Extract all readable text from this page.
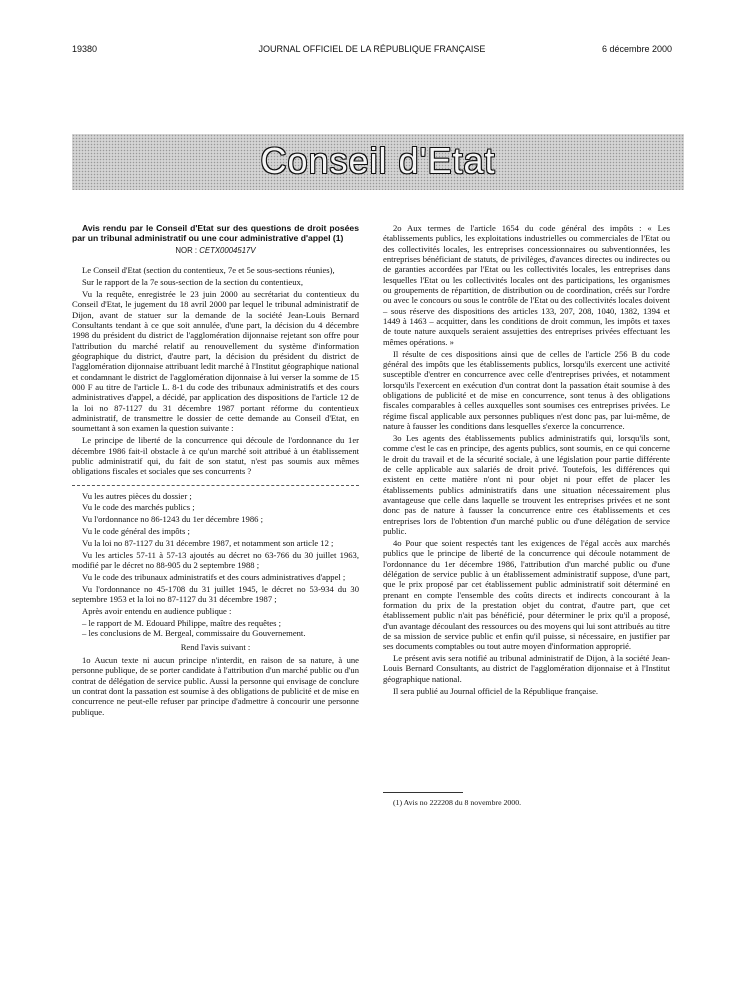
19380	JOURNAL OFFICIEL DE LA RÉPUBLIQUE FRANÇAISE	6 décembre 2000
Conseil d'Etat

Avis rendu par le Conseil d'Etat sur des questions de droit posées par un tribunal administratif ou une cour administrative d'appel (1)

NOR : CETX0004517V

Le Conseil d'Etat (section du contentieux, 7e et 5e sous-sections réunies),

Sur le rapport de la 7e sous-section de la section du contentieux,

Vu la requête, enregistrée le 23 juin 2000 au secrétariat du contentieux du Conseil d'Etat, le jugement du 18 avril 2000 par lequel le tribunal administratif de Dijon, avant de statuer sur la demande de la société Jean-Louis Bernard Consultants tendant à ce que soit annulée, d'une part, la décision du 4 décembre 1998 du président du district de l'agglomération dijonnaise rejetant son offre pour l'attribution du marché relatif au renouvellement du système d'information géographique du district, d'autre part, la décision du président du district de l'agglomération dijonnaise attribuant ledit marché à l'Institut géographique national et condamnant le district de l'agglomération dijonnaise à lui verser la somme de 15 000 F au titre de l'article L. 8-1 du code des tribunaux administratifs et des cours administratives d'appel, a décidé, par application des dispositions de l'article 12 de la loi no 87-1127 du 31 décembre 1987 portant réforme du contentieux administratif, de transmettre le dossier de cette demande au Conseil d'Etat, en soumettant à son examen la question suivante :

Le principe de liberté de la concurrence qui découle de l'ordonnance du 1er décembre 1986 fait-il obstacle à ce qu'un marché soit attribué à un établissement public administratif qui, du fait de son statut, n'est pas soumis aux mêmes obligations fiscales et sociales que ses concurrents ?

Vu les autres pièces du dossier ;

Vu le code des marchés publics ;

Vu l'ordonnance no 86-1243 du 1er décembre 1986 ;

Vu le code général des impôts ;

Vu la loi no 87-1127 du 31 décembre 1987, et notamment son article 12 ;

Vu les articles 57-11 à 57-13 ajoutés au décret no 63-766 du 30 juillet 1963, modifié par le décret no 88-905 du 2 septembre 1988 ;

Vu le code des tribunaux administratifs et des cours administratives d'appel ;

Vu l'ordonnance no 45-1708 du 31 juillet 1945, le décret no 53-934 du 30 septembre 1953 et la loi no 87-1127 du 31 décembre 1987 ;

Après avoir entendu en audience publique :

– le rapport de M. Edouard Philippe, maître des requêtes ;
– les conclusions de M. Bergeal, commissaire du Gouvernement.

Rend l'avis suivant :

1o Aucun texte ni aucun principe n'interdit, en raison de sa nature, à une personne publique, de se porter candidate à l'attribution d'un marché public ou d'un contrat de délégation de service public. Aussi la personne qui envisage de conclure un contrat dont la passation est soumise à des obligations de publicité et de mise en concurrence ne peut-elle refuser par principe d'admettre à concourir une personne publique.

2o Aux termes de l'article 1654 du code général des impôts : « Les établissements publics, les exploitations industrielles ou commerciales de l'Etat ou des collectivités locales, les entreprises concessionnaires ou subventionnées, les entreprises bénéficiant de statuts, de privilèges, d'avances directes ou indirectes ou de garanties accordées par l'Etat ou les collectivités locales, les entreprises dans lesquelles l'Etat ou les collectivités locales ont des participations, les organismes ou groupements de répartition, de distribution ou de coordination, créés sur l'ordre ou avec le concours ou sous le contrôle de l'Etat ou des collectivités locales doivent – sous réserve des dispositions des articles 133, 207, 208, 1040, 1382, 1394 et 1449 à 1463 – acquitter, dans les conditions de droit commun, les impôts et taxes de toute nature auxquels seraient assujetties des entreprises privées effectuant les mêmes opérations. »

Il résulte de ces dispositions ainsi que de celles de l'article 256 B du code général des impôts que les établissements publics, lorsqu'ils exercent une activité susceptible d'entrer en concurrence avec celle d'entreprises privées, et notamment lorsqu'ils l'exercent en exécution d'un contrat dont la passation était soumise à des obligations de publicité et de mise en concurrence, sont tenus à des obligations fiscales comparables à celles auxquelles sont soumises ces entreprises privées. Le régime fiscal applicable aux personnes publiques n'est donc pas, par lui-même, de nature à fausser les conditions dans lesquelles s'exerce la concurrence.

3o Les agents des établissements publics administratifs qui, lorsqu'ils sont, comme c'est le cas en principe, des agents publics, sont soumis, en ce qui concerne le droit du travail et de la sécurité sociale, à une législation pour partie différente de celle applicable aux salariés de droit privé. Toutefois, les différences qui existent en cette matière n'ont ni pour objet ni pour effet de placer les établissements publics administratifs dans une situation nécessairement plus avantageuse que celle dans laquelle se trouvent les entreprises privées et ne sont donc pas de nature à fausser la concurrence entre ces établissements et ces entreprises lors de l'obtention d'un marché public ou d'une délégation de service public.

4o Pour que soient respectés tant les exigences de l'égal accès aux marchés publics que le principe de liberté de la concurrence qui découle notamment de l'ordonnance du 1er décembre 1986, l'attribution d'un marché public ou d'une délégation de service public à un établissement administratif suppose, d'une part, que le prix proposé par cet établissement public administratif soit déterminé en prenant en compte l'ensemble des coûts directs et indirects concourant à la formation du prix de la prestation objet du contrat, d'autre part, que cet établissement public n'ait pas bénéficié, pour déterminer le prix qu'il a proposé, d'un avantage découlant des ressources ou des moyens qui lui sont attribués au titre de sa mission de service public et enfin qu'il puisse, si nécessaire, en justifier par ses documents comptables ou tout autre moyen d'information approprié.

Le présent avis sera notifié au tribunal administratif de Dijon, à la société Jean-Louis Bernard Consultants, au district de l'agglomération dijonnaise et à l'Institut géographique national.

Il sera publié au Journal officiel de la République française.

(1) Avis no 222208 du 8 novembre 2000.
